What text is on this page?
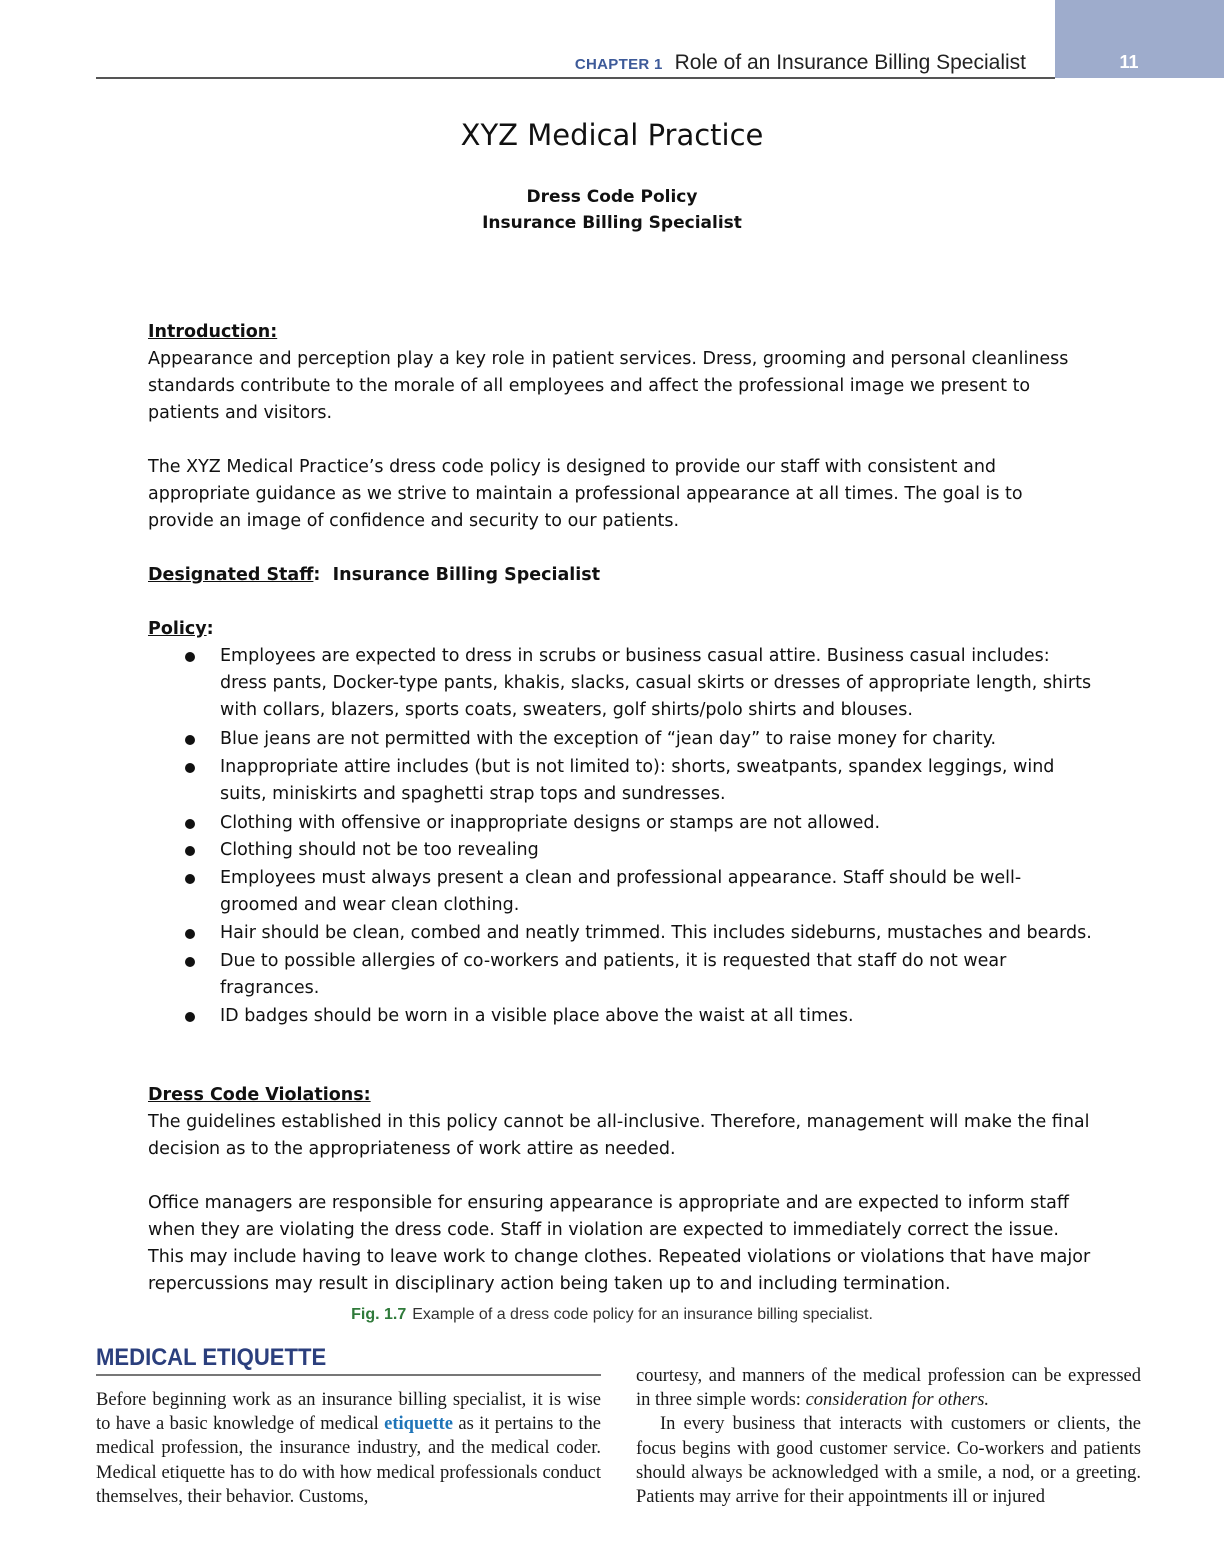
11
CHAPTER 1 Role of an Insurance Billing Specialist
XYZ Medical Practice
Dress Code Policy
Insurance Billing Specialist

Introduction:

Appearance and perception play a key role in patient services. Dress, grooming and personal cleanliness standards contribute to the morale of all employees and affect the professional image we present to patients and visitors.

The XYZ Medical Practice’s dress code policy is designed to provide our staff with consistent and appropriate guidance as we strive to maintain a professional appearance at all times. The goal is to provide an image of confidence and security to our patients.

Designated Staff: Insurance Billing Specialist

Policy:

Employees are expected to dress in scrubs or business casual attire. Business casual includes: dress pants, Docker-type pants, khakis, slacks, casual skirts or dresses of appropriate length, shirts with collars, blazers, sports coats, sweaters, golf shirts/polo shirts and blouses.
Blue jeans are not permitted with the exception of “jean day” to raise money for charity.
Inappropriate attire includes (but is not limited to): shorts, sweatpants, spandex leggings, wind suits, miniskirts and spaghetti strap tops and sundresses.
Clothing with offensive or inappropriate designs or stamps are not allowed.
Clothing should not be too revealing
Employees must always present a clean and professional appearance. Staff should be well-groomed and wear clean clothing.
Hair should be clean, combed and neatly trimmed. This includes sideburns, mustaches and beards.
Due to possible allergies of co-workers and patients, it is requested that staff do not wear fragrances.
ID badges should be worn in a visible place above the waist at all times.

Dress Code Violations:

The guidelines established in this policy cannot be all-inclusive. Therefore, management will make the final decision as to the appropriateness of work attire as needed.

Office managers are responsible for ensuring appearance is appropriate and are expected to inform staff when they are violating the dress code. Staff in violation are expected to immediately correct the issue. This may include having to leave work to change clothes. Repeated violations or violations that have major repercussions may result in disciplinary action being taken up to and including termination.

Fig. 1.7 Example of a dress code policy for an insurance billing specialist.
MEDICAL ETIQUETTE

Before beginning work as an insurance billing specialist, it is wise to have a basic knowledge of medical etiquette as it pertains to the medical profession, the insurance industry, and the medical coder. Medical etiquette has to do with how medical professionals conduct themselves, their behavior. Customs,

courtesy, and manners of the medical profession can be expressed in three simple words: consideration for others.

In every business that interacts with customers or clients, the focus begins with good customer service. Co-workers and patients should always be acknowledged with a smile, a nod, or a greeting. Patients may arrive for their appointments ill or injured
